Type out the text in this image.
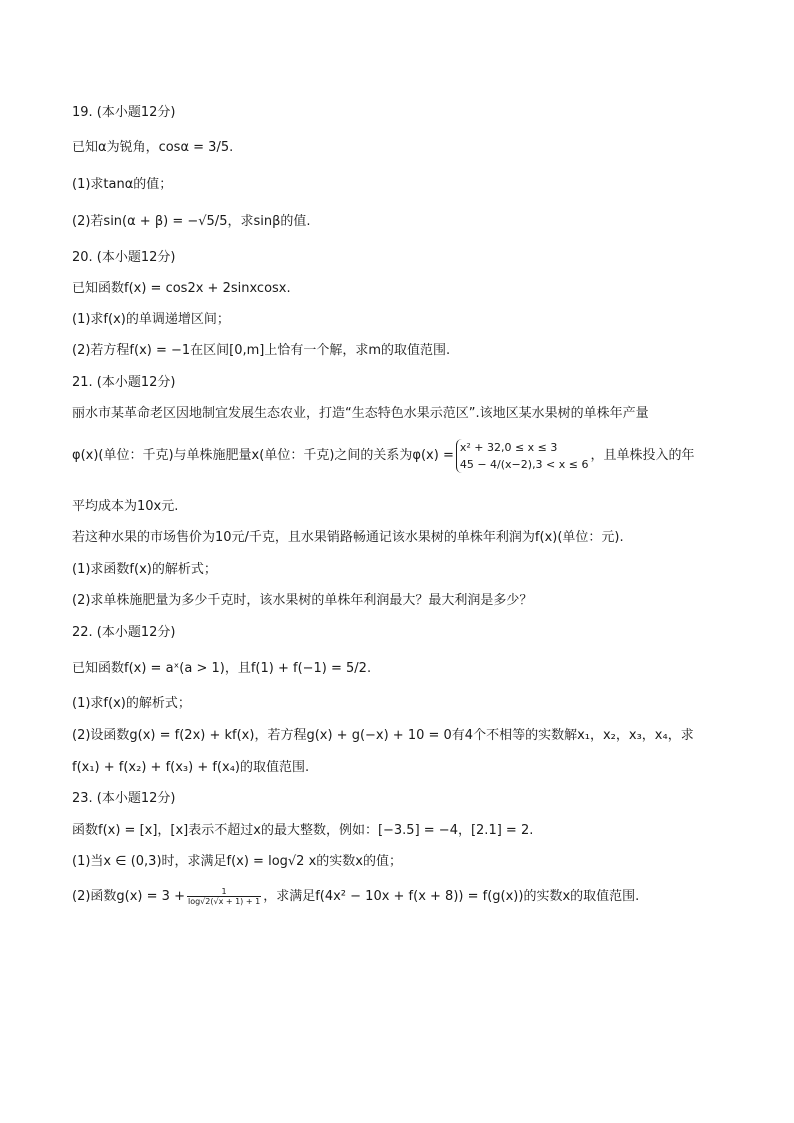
19. (本小题12分)
已知α为锐角，cosα = 3/5.
(1)求tanα的值；
(2)若sin(α + β) = −√5/5，求sinβ的值.
20. (本小题12分)
已知函数f(x) = cos2x + 2sinxcosx.
(1)求f(x)的单调递增区间；
(2)若方程f(x) = −1在区间[0,m]上恰有一个解，求m的取值范围.
21. (本小题12分)
丽水市某革命老区因地制宜发展生态农业，打造“生态特色水果示范区”.该地区某水果树的单株年产量
φ(x)(单位：千克)与单株施肥量x(单位：千克)之间的关系为φ(x) =
x² + 32,0 ≤ x ≤ 3
45 − 4/(x−2),3 < x ≤ 6
，且单株投入的年
平均成本为10x元.
若这种水果的市场售价为10元/千克，且水果销路畅通记该水果树的单株年利润为f(x)(单位：元).
(1)求函数f(x)的解析式；
(2)求单株施肥量为多少千克时，该水果树的单株年利润最大？最大利润是多少？
22. (本小题12分)
已知函数f(x) = aˣ(a > 1)，且f(1) + f(−1) = 5/2.
(1)求f(x)的解析式；
(2)设函数g(x) = f(2x) + kf(x)，若方程g(x) + g(−x) + 10 = 0有4个不相等的实数解x₁，x₂，x₃，x₄，求
f(x₁) + f(x₂) + f(x₃) + f(x₄)的取值范围.
23. (本小题12分)
函数f(x) = [x]，[x]表示不超过x的最大整数，例如：[−3.5] = −4，[2.1] = 2.
(1)当x ∈ (0,3)时，求满足f(x) = log√2 x的实数x的值；
(2)函数$g(x) = 3 + \frac{1}{\log√2(√x + 1) + 1}$ ，求满足f(4x² − 10x + f(x + 8)) = f(g(x))的实数x的取值范围.
